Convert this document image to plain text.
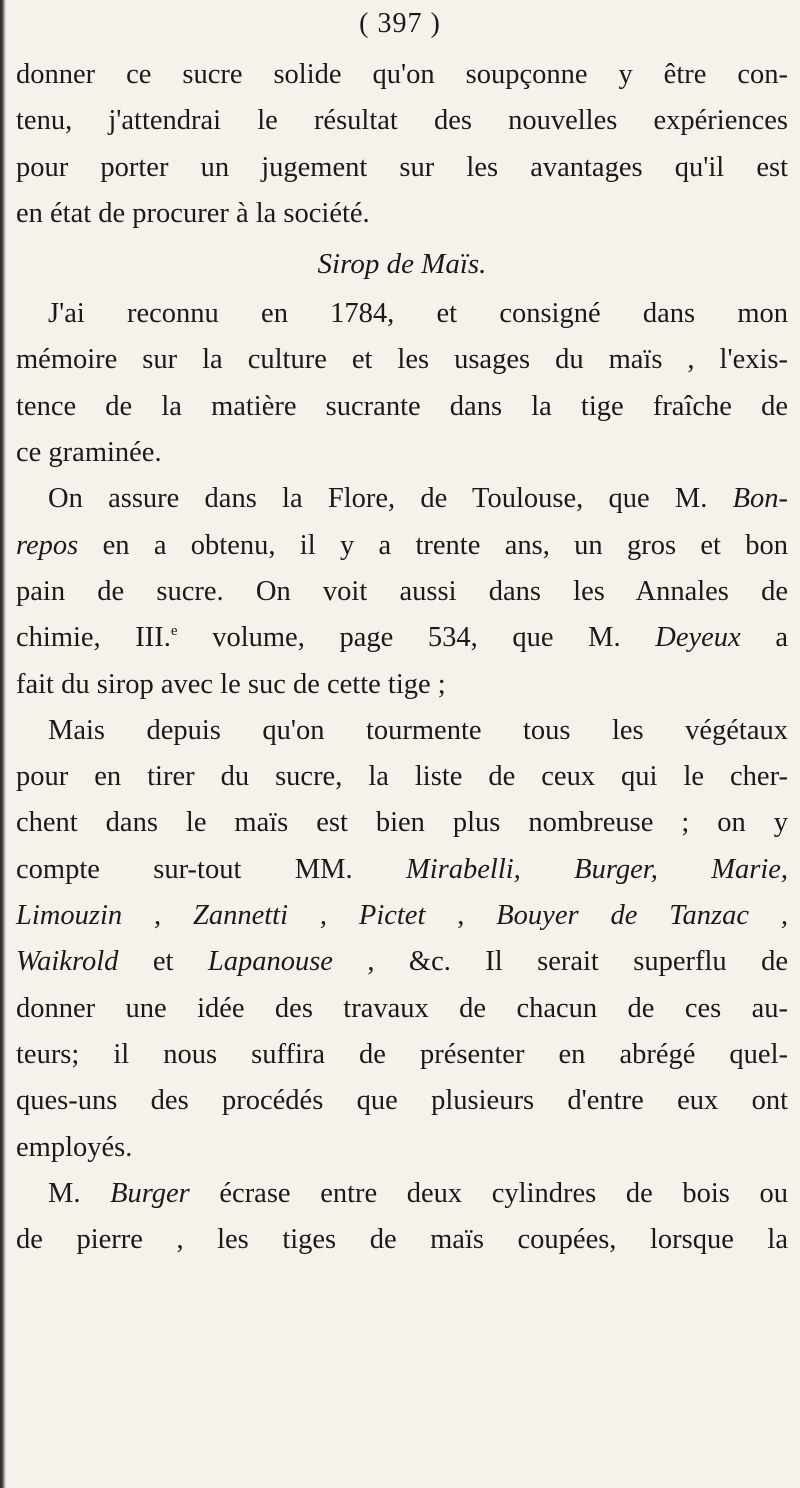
( 397 )
donner ce sucre solide qu'on soupçonne y être con-
tenu, j'attendrai le résultat des nouvelles expériences
pour porter un jugement sur les avantages qu'il est
en état de procurer à la société.
Sirop de Maïs.
J'ai reconnu en 1784, et consigné dans mon
mémoire sur la culture et les usages du maïs , l'exis-
tence de la matière sucrante dans la tige fraîche de
ce graminée.
On assure dans la Flore, de Toulouse, que M. Bon-
repos en a obtenu, il y a trente ans, un gros et bon
pain de sucre. On voit aussi dans les Annales de
chimie, III.$^e$ volume, page 534, que M. Deyeux a
fait du sirop avec le suc de cette tige ;
Mais depuis qu'on tourmente tous les végétaux
pour en tirer du sucre, la liste de ceux qui le cher-
chent dans le maïs est bien plus nombreuse ; on y
compte sur-tout MM. Mirabelli, Burger, Marie,
Limouzin , Zannetti , Pictet , Bouyer de Tanzac ,
Waikrold et Lapanouse , &c. Il serait superflu de
donner une idée des travaux de chacun de ces au-
teurs; il nous suffira de présenter en abrégé quel-
ques-uns des procédés que plusieurs d'entre eux ont
employés.
M. Burger écrase entre deux cylindres de bois ou
de pierre , les tiges de maïs coupées, lorsque la
